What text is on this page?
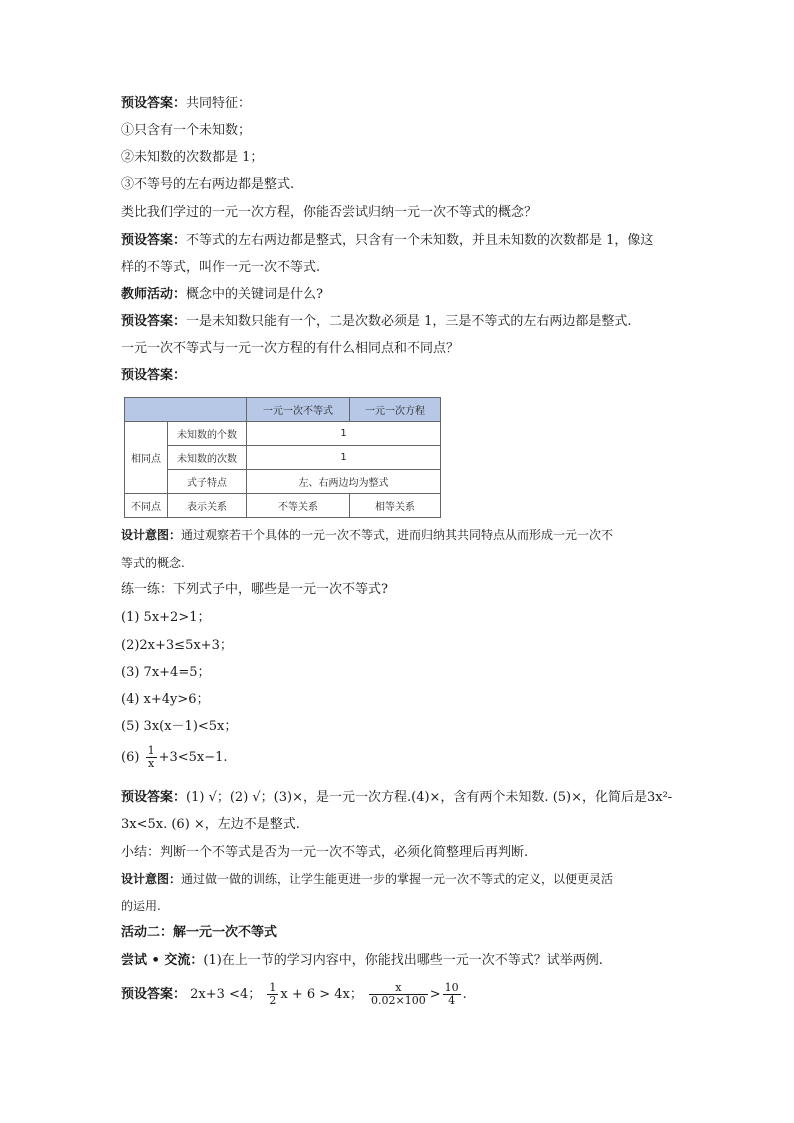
预设答案：共同特征：
①只含有一个未知数；
②未知数的次数都是 1；
③不等号的左右两边都是整式.
类比我们学过的一元一次方程，你能否尝试归纳一元一次不等式的概念？
预设答案：不等式的左右两边都是整式，只含有一个未知数，并且未知数的次数都是 1，像这
样的不等式，叫作一元一次不等式.
教师活动：概念中的关键词是什么?
预设答案：一是未知数只能有一个，二是次数必须是 1，三是不等式的左右两边都是整式.
一元一次不等式与一元一次方程的有什么相同点和不同点？
预设答案：
		一元一次不等式	一元一次方程
相同点	未知数的个数	1	
	未知数的次数	1	
	式子特点	左、右两边均为整式	
不同点	表示关系	不等关系	相等关系
设计意图：通过观察若干个具体的一元一次不等式，进而归纳其共同特点从而形成一元一次不
等式的概念.
练一练：下列式子中，哪些是一元一次不等式?
(1) 5x+2>1；
(2)2x+3≤5x+3；
(3) 7x+4=5；
(4) x+4y>6；
(5) 3x(x－1)<5x；
$(6) \frac{1}{x} +3<5x-1$.
预设答案：(1) √；(2) √；(3)×，是一元一次方程.(4)×，含有两个未知数. (5)×，化简后是3x²-
3x<5x. (6) ×，左边不是整式.
小结：判断一个不等式是否为一元一次不等式，必须化简整理后再判断.
设计意图：通过做一做的训练，让学生能更进一步的掌握一元一次不等式的定义，以便更灵活
的运用.
活动二：解一元一次不等式
尝试 • 交流：(1)在上一节的学习内容中，你能找出哪些一元一次不等式？试举两例.
预设答案： 2x+3 <4； $\frac{1}{2}$ x + 6 > 4x； $\frac{x}{0.02\times 100} > \frac{10}{4}$ .
